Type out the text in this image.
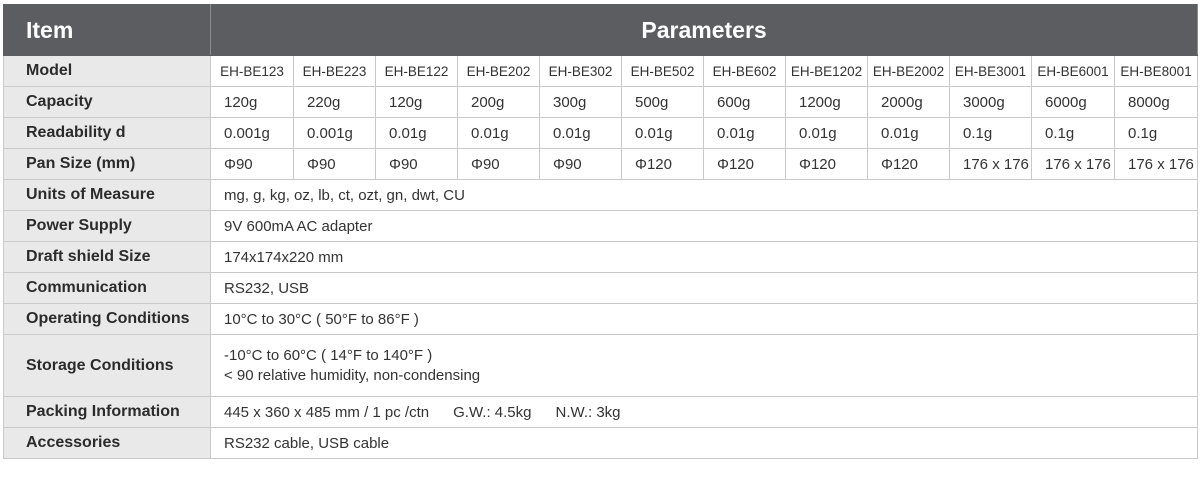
Item	Parameters											
Model	EH-BE123	EH-BE223	EH-BE122	EH-BE202	EH-BE302	EH-BE502	EH-BE602	EH-BE1202	EH-BE2002	EH-BE3001	EH-BE6001	EH-BE8001
Capacity	120g	220g	120g	200g	300g	500g	600g	1200g	2000g	3000g	6000g	8000g
Readability d	0.001g	0.001g	0.01g	0.01g	0.01g	0.01g	0.01g	0.01g	0.01g	0.1g	0.1g	0.1g
Pan Size (mm)	Φ90	Φ90	Φ90	Φ90	Φ90	Φ120	Φ120	Φ120	Φ120	176 x 176	176 x 176	176 x 176
Units of Measure	mg, g, kg, oz, lb, ct, ozt, gn, dwt, CU											
Power Supply	9V 600mA AC adapter											
Draft shield Size	174x174x220 mm											
Communication	RS232, USB											
Operating Conditions	10°C to 30°C ( 50°F to 86°F )											
Storage Conditions	-10°C to 60°C ( 14°F to 140°F )
< 90 relative humidity, non-condensing											

Packing Information	445 x 360 x 485 mm / 1 pc /ctn G.W.: 4.5kg N.W.: 3kg											
Accessories	RS232 cable, USB cable											
